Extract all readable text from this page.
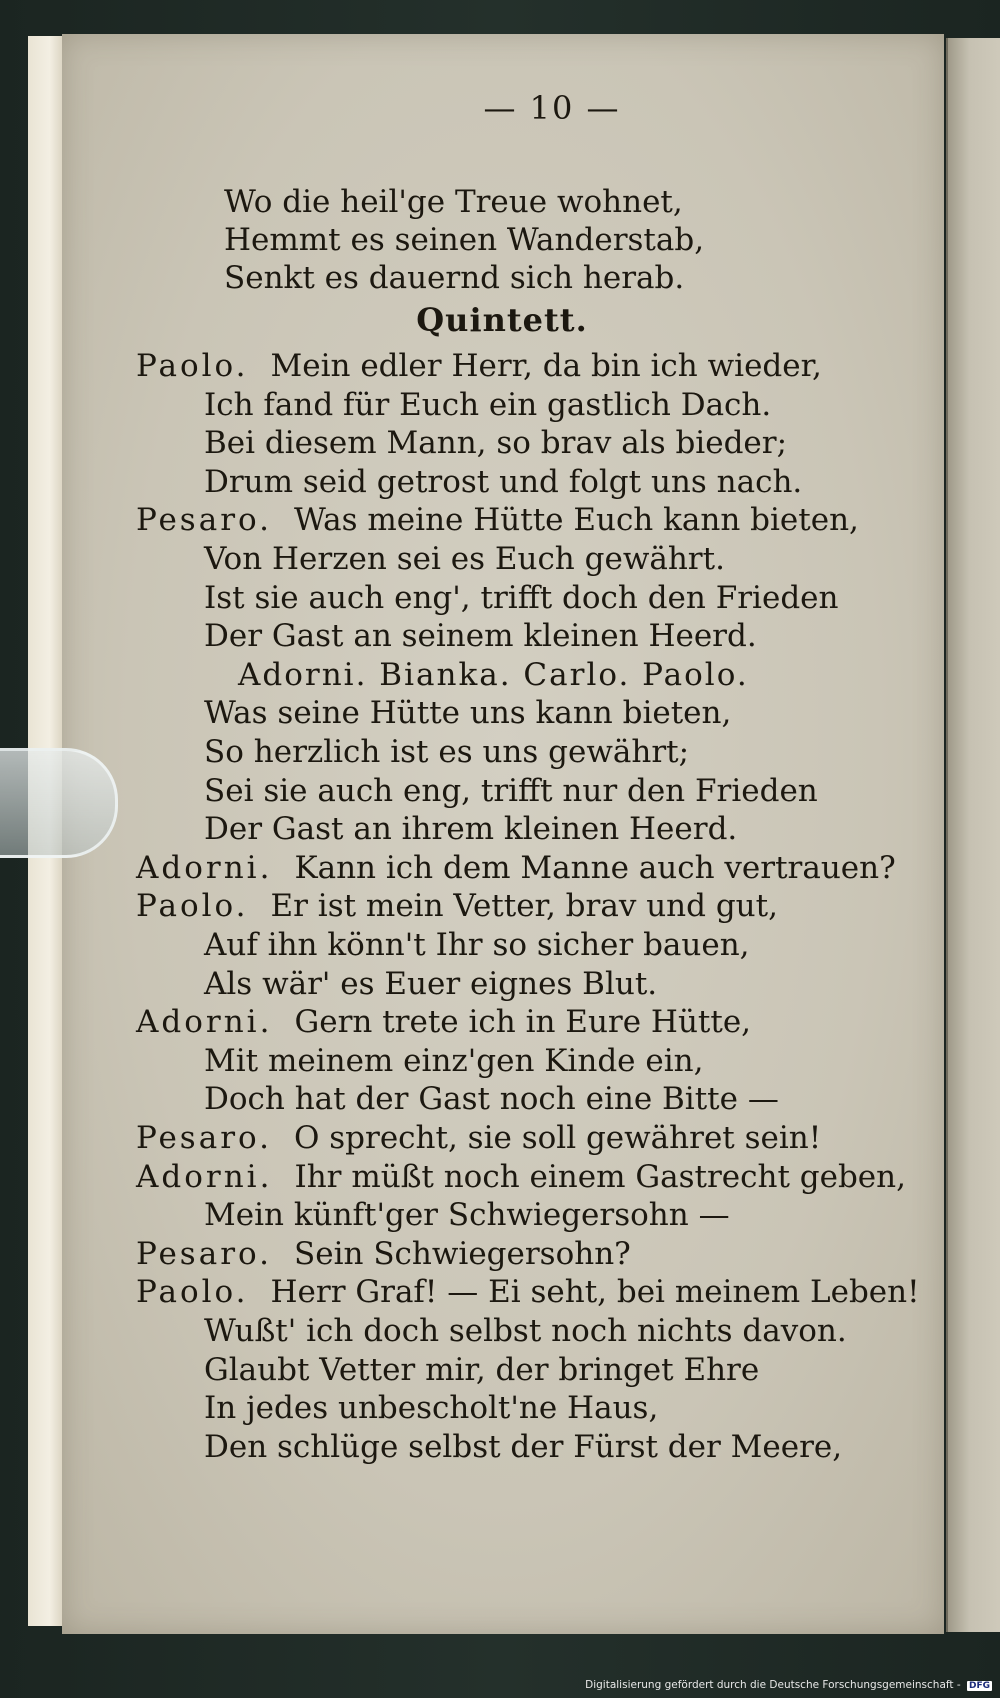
— 10 —
Wo die heil'ge Treue wohnet,
Hemmt es seinen Wanderstab,
Senkt es dauernd sich herab.
Quintett.
Paolo. Mein edler Herr, da bin ich wieder,
Ich fand für Euch ein gastlich Dach.
Bei diesem Mann, so brav als bieder;
Drum seid getrost und folgt uns nach.
Pesaro. Was meine Hütte Euch kann bieten,
Von Herzen sei es Euch gewährt.
Ist sie auch eng', trifft doch den Frieden
Der Gast an seinem kleinen Heerd.
Adorni. Bianka. Carlo. Paolo.
Was seine Hütte uns kann bieten,
So herzlich ist es uns gewährt;
Sei sie auch eng, trifft nur den Frieden
Der Gast an ihrem kleinen Heerd.
Adorni. Kann ich dem Manne auch vertrauen?
Paolo. Er ist mein Vetter, brav und gut,
Auf ihn könn't Ihr so sicher bauen,
Als wär' es Euer eignes Blut.
Adorni. Gern trete ich in Eure Hütte,
Mit meinem einz'gen Kinde ein,
Doch hat der Gast noch eine Bitte —
Pesaro. O sprecht, sie soll gewähret sein!
Adorni. Ihr müßt noch einem Gastrecht geben,
Mein künft'ger Schwiegersohn —
Pesaro. Sein Schwiegersohn?
Paolo. Herr Graf! — Ei seht, bei meinem Leben!
Wußt' ich doch selbst noch nichts davon.
Glaubt Vetter mir, der bringet Ehre
In jedes unbescholt'ne Haus,
Den schlüge selbst der Fürst der Meere,
Digitalisierung gefördert durch die Deutsche Forschungsgemeinschaft - DFG
